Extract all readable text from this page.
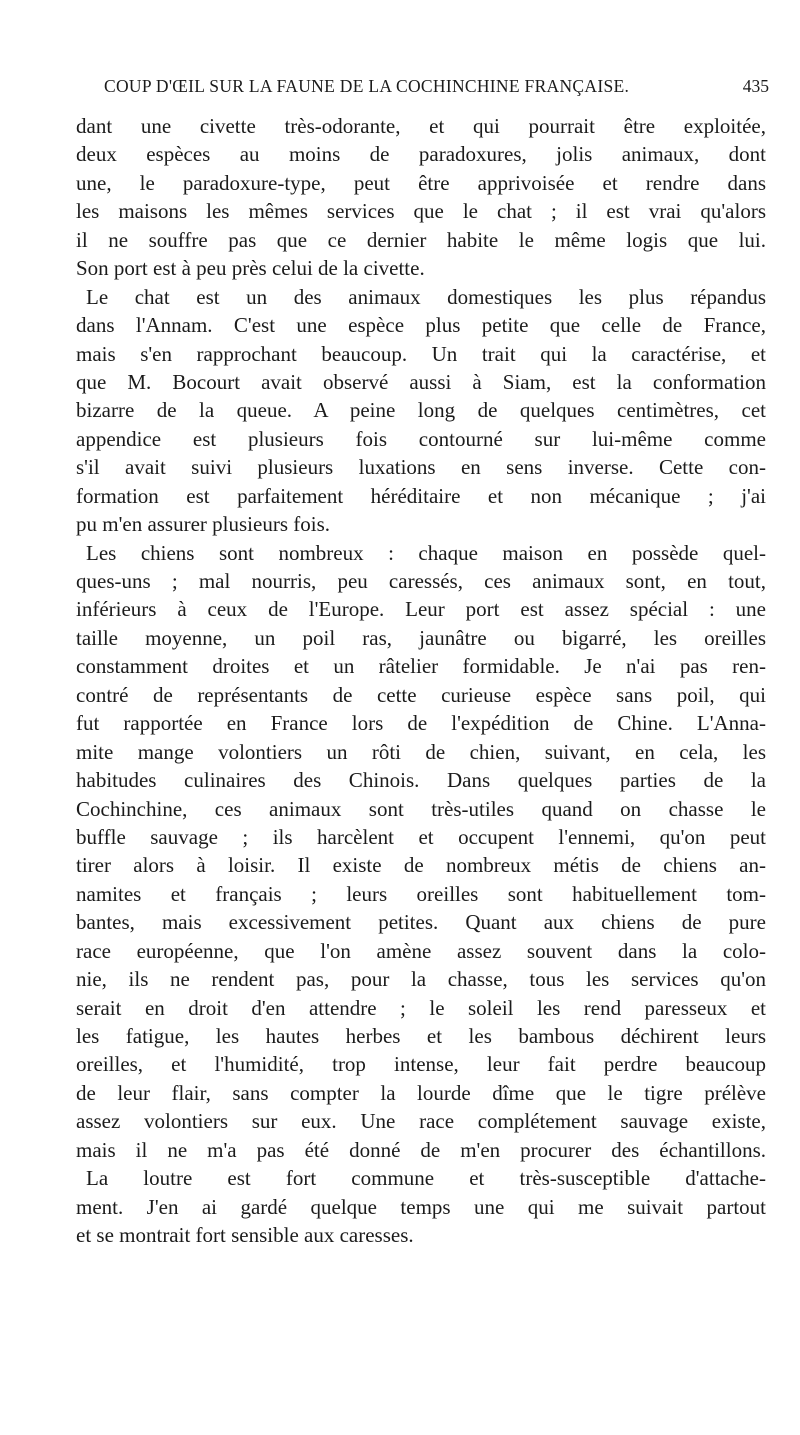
COUP D'ŒIL SUR LA FAUNE DE LA COCHINCHINE FRANÇAISE.	435
dant une civette très-odorante, et qui pourrait être exploitée,
deux espèces au moins de paradoxures, jolis animaux, dont
une, le paradoxure-type, peut être apprivoisée et rendre dans
les maisons les mêmes services que le chat ; il est vrai qu'alors
il ne souffre pas que ce dernier habite le même logis que lui.
Son port est à peu près celui de la civette.
Le chat est un des animaux domestiques les plus répandus
dans l'Annam. C'est une espèce plus petite que celle de France,
mais s'en rapprochant beaucoup. Un trait qui la caractérise, et
que M. Bocourt avait observé aussi à Siam, est la conformation
bizarre de la queue. A peine long de quelques centimètres, cet
appendice est plusieurs fois contourné sur lui-même comme
s'il avait suivi plusieurs luxations en sens inverse. Cette con-
formation est parfaitement héréditaire et non mécanique ; j'ai
pu m'en assurer plusieurs fois.
Les chiens sont nombreux : chaque maison en possède quel-
ques-uns ; mal nourris, peu caressés, ces animaux sont, en tout,
inférieurs à ceux de l'Europe. Leur port est assez spécial : une
taille moyenne, un poil ras, jaunâtre ou bigarré, les oreilles
constamment droites et un râtelier formidable. Je n'ai pas ren-
contré de représentants de cette curieuse espèce sans poil, qui
fut rapportée en France lors de l'expédition de Chine. L'Anna-
mite mange volontiers un rôti de chien, suivant, en cela, les
habitudes culinaires des Chinois. Dans quelques parties de la
Cochinchine, ces animaux sont très-utiles quand on chasse le
buffle sauvage ; ils harcèlent et occupent l'ennemi, qu'on peut
tirer alors à loisir. Il existe de nombreux métis de chiens an-
namites et français ; leurs oreilles sont habituellement tom-
bantes, mais excessivement petites. Quant aux chiens de pure
race européenne, que l'on amène assez souvent dans la colo-
nie, ils ne rendent pas, pour la chasse, tous les services qu'on
serait en droit d'en attendre ; le soleil les rend paresseux et
les fatigue, les hautes herbes et les bambous déchirent leurs
oreilles, et l'humidité, trop intense, leur fait perdre beaucoup
de leur flair, sans compter la lourde dîme que le tigre prélève
assez volontiers sur eux. Une race complétement sauvage existe,
mais il ne m'a pas été donné de m'en procurer des échantillons.
La loutre est fort commune et très-susceptible d'attache-
ment. J'en ai gardé quelque temps une qui me suivait partout
et se montrait fort sensible aux caresses.
